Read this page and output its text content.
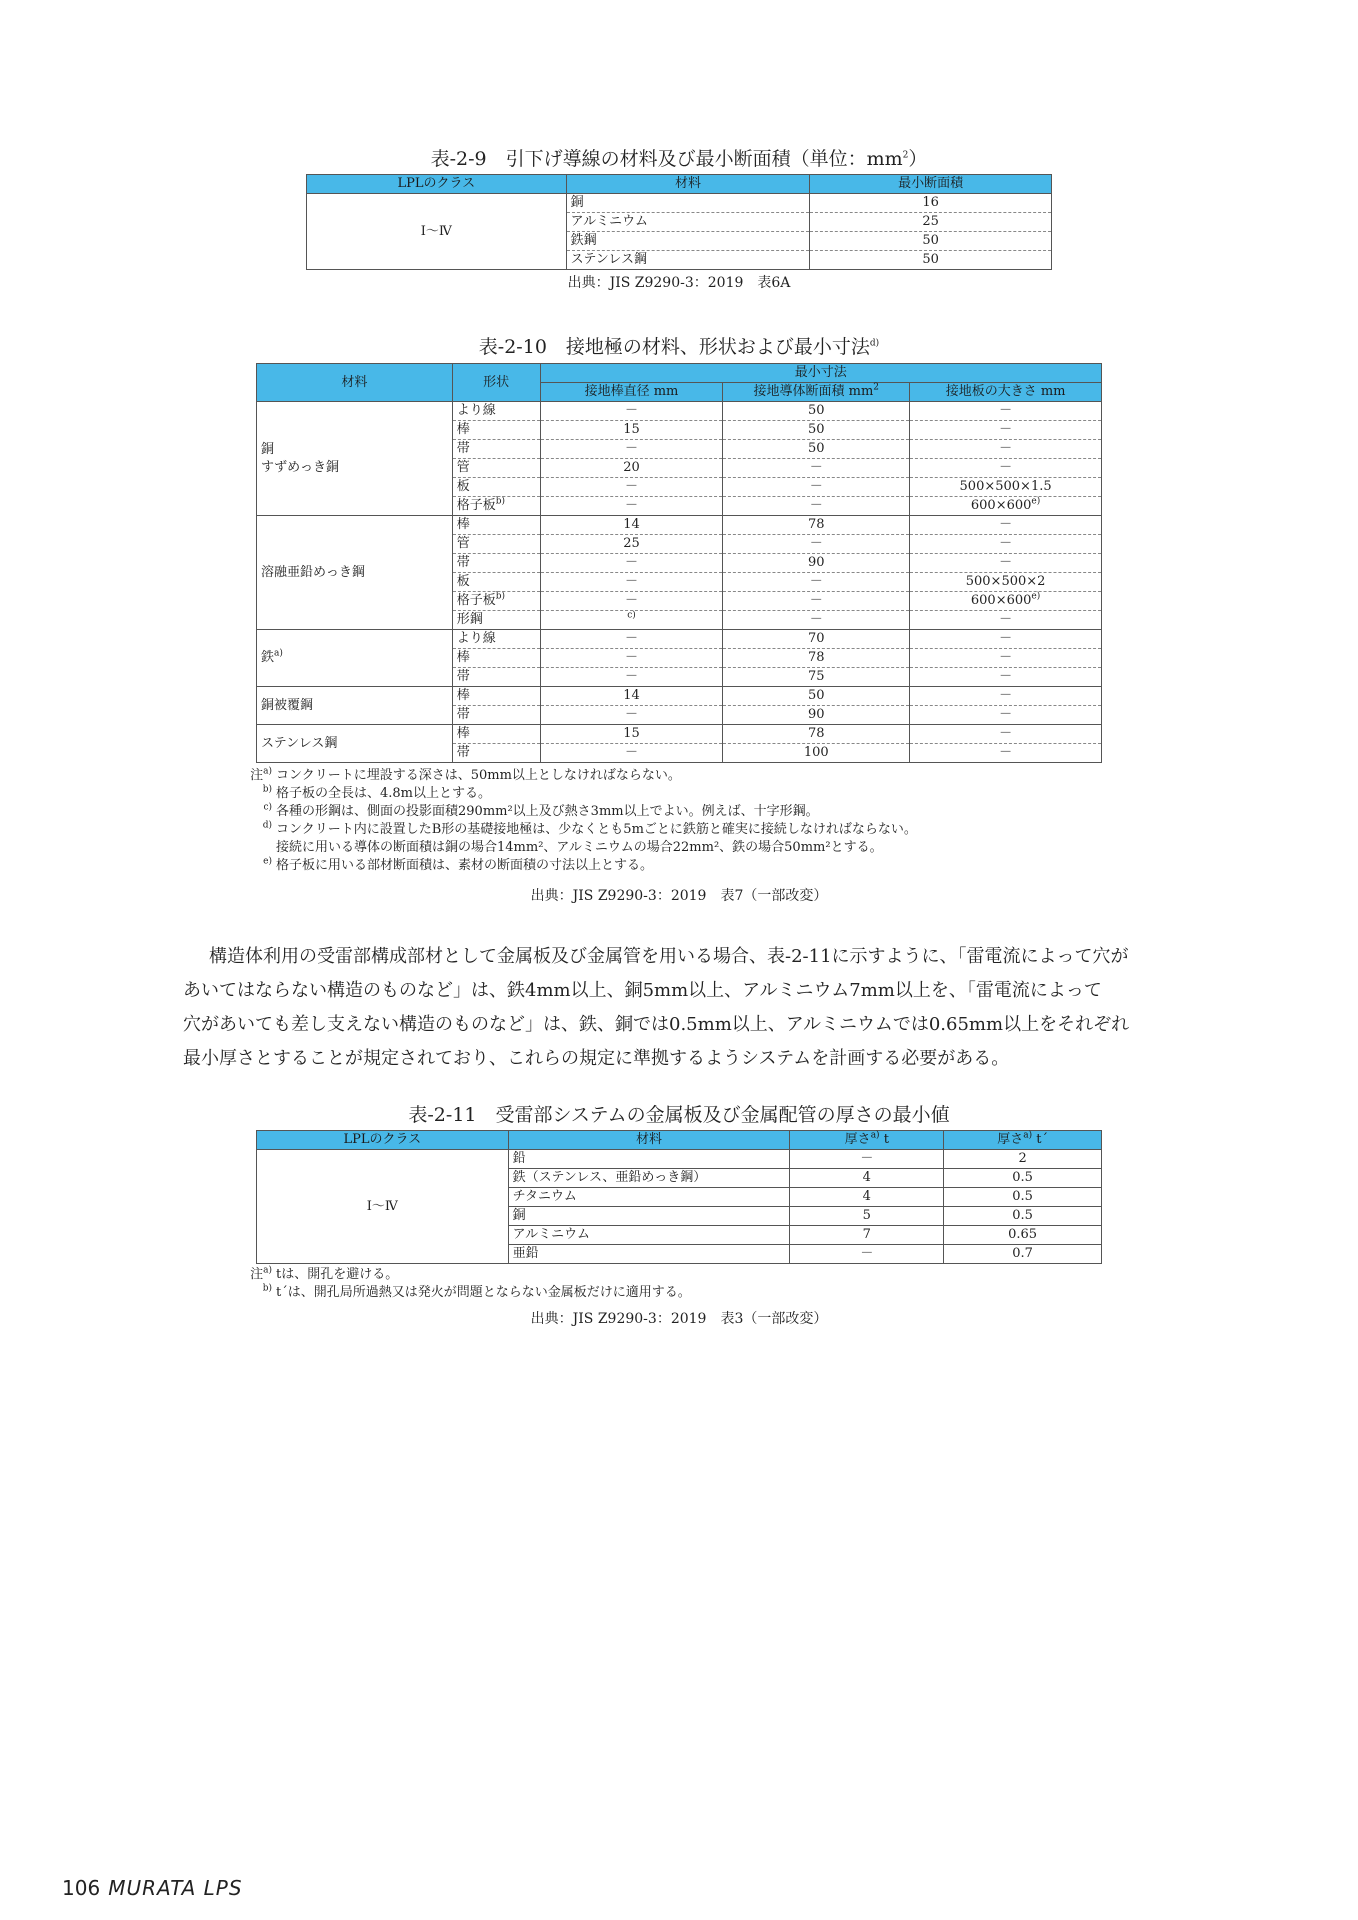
表-2-9　引下げ導線の材料及び最小断面積（単位：$mm^2$）
LPLのクラス	材料	最小断面積
Ⅰ～Ⅳ	銅	16
	アルミニウム	25
	鉄鋼	50
	ステンレス鋼	50
出典：JIS Z9290-3：2019　表6A
表-2-10　接地極の材料、形状および最小寸法$^{d)}$
材料	形状	最小寸法		
		接地棒直径 mm	接地導体断面積 $mm^2$	接地板の大きさ mm
銅
すずめっき銅	より線	－	50	－
	棒	15	50	－
	帯	－	50	－
	管	20	－	－
	板	－	－	500×500×1.5
	格子板$^{b)}$	－	－	$600\times 600^{e)}$
溶融亜鉛めっき鋼	棒	14	78	－
	管	25	－	－
	帯	－	90	－
	板	－	－	500×500×2
	格子板$^{b)}$	－	－	$600\times 600^{e)}$
	形鋼	$^{c)}$	－	－
鉄$^{a)}$	より線	－	70	－
	棒	－	78	－
	帯	－	75	－
銅被覆鋼	棒	14	50	－
	帯	－	90	－
ステンレス鋼	棒	15	78	－
	帯	－	100	－
注$^{a)}$ コンクリートに埋設する深さは、50mm以上としなければならない。
$^{b)}$ 格子板の全長は、4.8m以上とする。
$^{c)}$ 各種の形鋼は、側面の投影面積290mm²以上及び熱さ3mm以上でよい。例えば、十字形鋼。
$^{d)}$ コンクリート内に設置したB形の基礎接地極は、少なくとも5mごとに鉄筋と確実に接続しなければならない。
接続に用いる導体の断面積は銅の場合14mm²、アルミニウムの場合22mm²、鉄の場合50mm²とする。
$^{e)}$ 格子板に用いる部材断面積は、素材の断面積の寸法以上とする。
出典：JIS Z9290-3：2019　表7（一部改変）

構造体利用の受雷部構成部材として金属板及び金属管を用いる場合、表-2-11に示すように、「雷電流によって穴が

あいてはならない構造のものなど」は、鉄4mm以上、銅5mm以上、アルミニウム7mm以上を、「雷電流によって

穴があいても差し支えない構造のものなど」は、鉄、銅では0.5mm以上、アルミニウムでは0.65mm以上をそれぞれ

最小厚さとすることが規定されており、これらの規定に準拠するようシステムを計画する必要がある。

表-2-11　受雷部システムの金属板及び金属配管の厚さの最小値
LPLのクラス	材料	厚さ$^{a)}$ t	厚さ$^{a)}$ t´
Ⅰ～Ⅳ	鉛	－	2
	鉄（ステンレス、亜鉛めっき鋼）	4	0.5
	チタニウム	4	0.5
	銅	5	0.5
	アルミニウム	7	0.65
	亜鉛	－	0.7
注$^{a)}$ tは、開孔を避ける。
$^{b)}$ t´は、開孔局所過熱又は発火が問題とならない金属板だけに適用する。
出典：JIS Z9290-3：2019　表3（一部改変）
106 MURATA LPS
